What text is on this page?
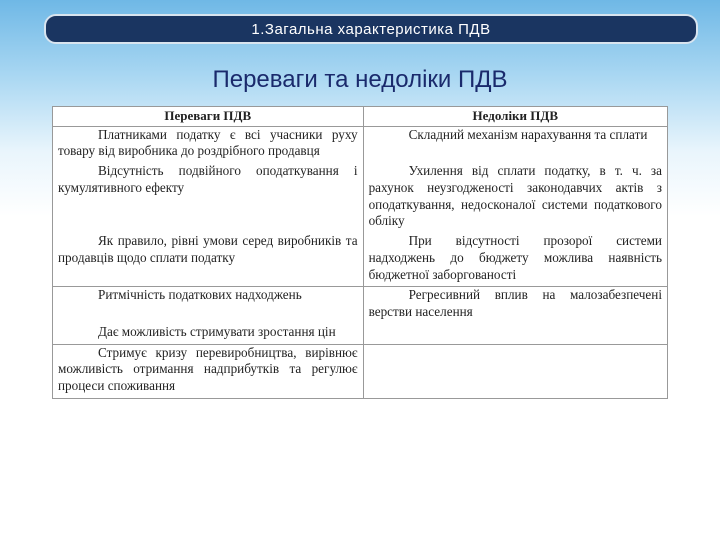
1.Загальна характеристика ПДВ
Переваги та недоліки ПДВ
Переваги ПДВ	Недоліки ПДВ

Платниками податку є всі учасники руху товару від виробника до роздрібного продавця	Складний механізм нарахування та сплати

Відсутність подвійного оподаткування і кумулятивного ефекту	Ухилення від сплати податку, в т. ч. за рахунок неузгодженості законодавчих актів з оподаткування, недосконалої системи податкового обліку

Як правило, рівні умови серед виробників та продавців щодо сплати податку	При відсутності прозорої системи надходжень до бюджету можлива наявність бюджетної заборгованості

Ритмічність податкових надходжень	Регресивний вплив на малозабезпечені верстви населення

Дає можливість стримувати зростання цін	

Стримує кризу перевиробництва, вирівнює можливість отримання надприбутків та регулює процеси споживання	
